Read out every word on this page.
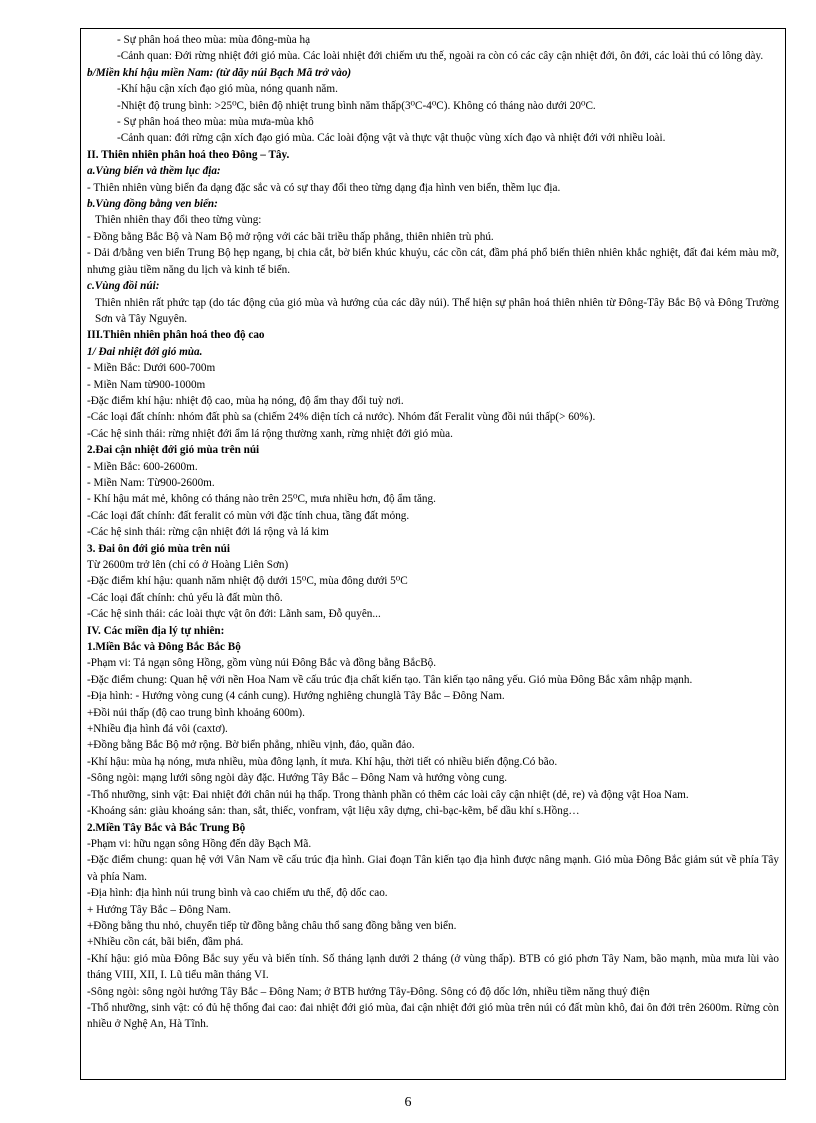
- Sự phân hoá theo mùa: mùa đông-mùa hạ

-Cảnh quan: Đới rừng nhiệt đới gió mùa. Các loài nhiệt đới chiếm ưu thế, ngoài ra còn có các cây cận nhiệt đới, ôn đới, các loài thú có lông dày.

b/Miền khí hậu miền Nam: (từ dãy núi Bạch Mã trở vào)

-Khí hậu cận xích đạo gió mùa, nóng quanh năm.

-Nhiệt độ trung bình: >25⁰C, biên độ nhiệt trung bình năm thấp(3⁰C-4⁰C). Không có tháng nào dưới 20⁰C.

- Sự phân hoá theo mùa: mùa mưa-mùa khô

-Cảnh quan: đới rừng cận xích đạo gió mùa. Các loài động vật và thực vật thuộc vùng xích đạo và nhiệt đới với nhiều loài.

II. Thiên nhiên phân hoá theo Đông – Tây.

a.Vùng biển và thềm lục địa:

- Thiên nhiên vùng biển đa dạng đặc sắc và có sự thay đổi theo từng dạng địa hình ven biển, thềm lục địa.

b.Vùng đồng bằng ven biển:

Thiên nhiên thay đổi theo từng vùng:

- Đồng bằng Bắc Bộ và Nam Bộ mở rộng với các bãi triều thấp phẳng, thiên nhiên trù phú.

- Dải đ/bằng ven biển Trung Bộ hẹp ngang, bị chia cắt, bờ biển khúc khuỷu, các cồn cát, đầm phá phổ biến thiên nhiên khắc nghiệt, đất đai kém màu mỡ, nhưng giàu tiềm năng du lịch và kinh tế biển.

c.Vùng đồi núi:

Thiên nhiên rất phức tạp (do tác động của gió mùa và hướng của các dãy núi). Thể hiện sự phân hoá thiên nhiên từ Đông-Tây Bắc Bộ và Đông Trường Sơn và Tây Nguyên.

III.Thiên nhiên phân hoá theo độ cao

1/ Đai nhiệt đới gió mùa.

- Miền Bắc: Dưới 600-700m

- Miền Nam từ900-1000m

-Đặc điểm khí hậu: nhiệt độ cao, mùa hạ nóng, độ ẩm thay đổi tuỳ nơi.

-Các loại đất chính: nhóm đất phù sa (chiếm 24% diện tích cả nước). Nhóm đất Feralit vùng đồi núi thấp(> 60%).

-Các hệ sinh thái: rừng nhiệt đới ẩm lá rộng thường xanh, rừng nhiệt đới gió mùa.

2.Đai cận nhiệt đới gió mùa trên núi

- Miền Bắc: 600-2600m.

- Miền Nam: Từ900-2600m.

- Khí hậu mát mẻ, không có tháng nào trên 25⁰C, mưa nhiều hơn, độ ẩm tăng.

-Các loại đất chính: đất feralit có mùn với đặc tính chua, tầng đất mỏng.

-Các hệ sinh thái: rừng cận nhiệt đới lá rộng và lá kim

3. Đai ôn đới gió mùa trên núi

Từ 2600m trở lên (chỉ có ở Hoàng Liên Sơn)

-Đặc điểm khí hậu: quanh năm nhiệt độ dưới 15⁰C, mùa đông dưới 5⁰C

-Các loại đất chính: chủ yếu là đất mùn thô.

-Các hệ sinh thái: các loài thực vật ôn đới: Lãnh sam, Đỗ quyên...

IV. Các miền địa lý tự nhiên:

1.Miền Bắc và Đông Bắc Bắc Bộ

-Phạm vi: Tả ngạn sông Hồng, gồm vùng núi Đông Bắc và đồng bằng BắcBộ.

-Đặc điểm chung: Quan hệ với nền Hoa Nam về cấu trúc địa chất kiến tạo. Tân kiến tạo nâng yếu. Gió mùa Đông Bắc xâm nhập mạnh.

-Địa hình: - Hướng vòng cung (4 cánh cung). Hướng nghiêng chunglà Tây Bắc – Đông Nam.

+Đồi núi thấp (độ cao trung bình khoảng 600m).

+Nhiều địa hình đá vôi (caxtơ).

+Đồng bằng Bắc Bộ mở rộng. Bờ biển phẳng, nhiều vịnh, đảo, quần đảo.

-Khí hậu: mùa hạ nóng, mưa nhiều, mùa đông lạnh, ít mưa. Khí hậu, thời tiết có nhiều biến động.Có bão.

-Sông ngòi: mạng lưới sông ngòi dày đặc. Hướng Tây Bắc – Đông Nam và hướng vòng cung.

-Thổ nhưỡng, sinh vật: Đai nhiệt đới chân núi hạ thấp. Trong thành phần có thêm các loài cây cận nhiệt (dẻ, re) và động vật Hoa Nam.

-Khoáng sản: giàu khoáng sản: than, sắt, thiếc, vonfram, vật liệu xây dựng, chì-bạc-kẽm, bể dầu khí s.Hồng…

2.Miền Tây Bắc và Bắc Trung Bộ

-Phạm vi: hữu ngạn sông Hồng đến dãy Bạch Mã.

-Đặc điểm chung: quan hệ với Vân Nam về cấu trúc địa hình. Giai đoạn Tân kiến tạo địa hình được nâng mạnh. Gió mùa Đông Bắc giảm sút về phía Tây và phía Nam.

-Địa hình: địa hình núi trung bình và cao chiếm ưu thế, độ dốc cao.

+ Hướng Tây Bắc – Đông Nam.

+Đồng bằng thu nhỏ, chuyển tiếp từ đồng bằng châu thổ sang đồng bằng ven biển.

+Nhiều cồn cát, bãi biển, đầm phá.

-Khí hậu: gió mùa Đông Bắc suy yếu và biến tính. Số tháng lạnh dưới 2 tháng (ở vùng thấp). BTB có gió phơn Tây Nam, bão mạnh, mùa mưa lùi vào tháng VIII, XII, I. Lũ tiểu mãn tháng VI.

-Sông ngòi: sông ngòi hướng Tây Bắc – Đông Nam; ở BTB hướng Tây-Đông. Sông có độ dốc lớn, nhiều tiềm năng thuỷ điện

-Thổ nhưỡng, sinh vật: có đủ hệ thống đai cao: đai nhiệt đới gió mùa, đai cận nhiệt đới gió mùa trên núi có đất mùn khô, đai ôn đới trên 2600m. Rừng còn nhiều ở Nghệ An, Hà Tĩnh.

6
